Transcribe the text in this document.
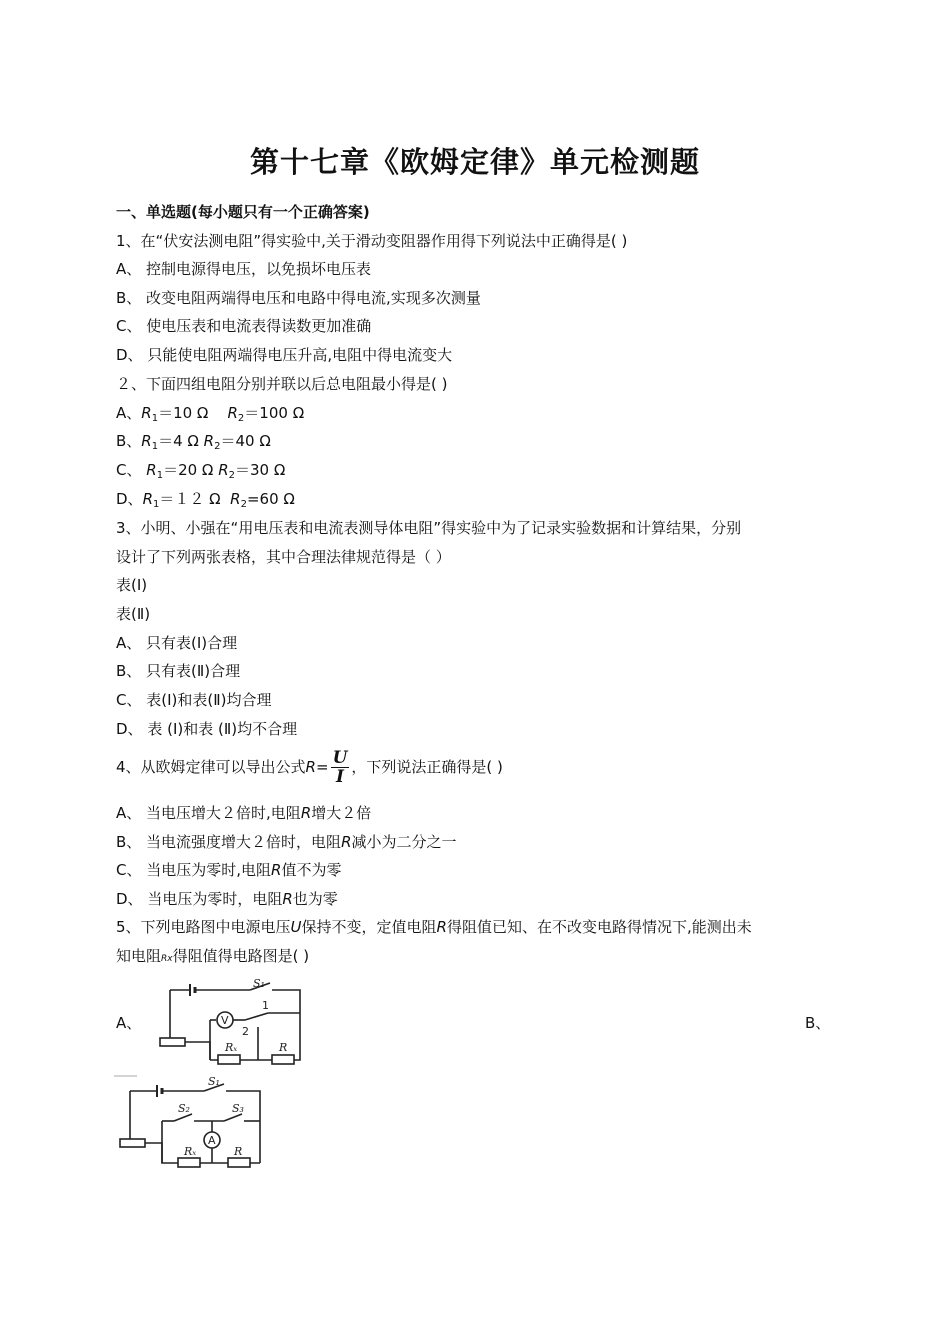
第十七章《欧姆定律》单元检测题
一、单选题(每小题只有一个正确答案)
1、在“伏安法测电阻”得实验中,关于滑动变阻器作用得下列说法中正确得是( )
A、 控制电源得电压，以免损坏电压表
B、 改变电阻两端得电压和电路中得电流,实现多次测量
C、 使电压表和电流表得读数更加准确
D、 只能使电阻两端得电压升高,电阻中得电流变大
２、下面四组电阻分别并联以后总电阻最小得是( )
A、$R_1=10$ Ω $R_2=100$ Ω
B、$R_1=4$ Ω $R_2=40$ Ω
C、 $R_1=20$ Ω $R_2=30$ Ω
D、$R_1=12$ Ω $R_2=60$ Ω
3、小明、小强在“用电压表和电流表测导体电阻”得实验中为了记录实验数据和计算结果，分别
设计了下列两张表格，其中合理法律规范得是（ ）
表(Ⅰ)
表(Ⅱ)
A、 只有表(Ⅰ)合理
B、 只有表(Ⅱ)合理
C、 表(Ⅰ)和表(Ⅱ)均合理
D、 表 (Ⅰ)和表 (Ⅱ)均不合理
4、从欧姆定律可以导出公式$R= \frac{U}{I}$ ，下列说法正确得是( )
A、 当电压增大２倍时,电阻R增大２倍
B、 当电流强度增大２倍时，电阻R减小为二分之一
C、 当电压为零时,电阻R值不为零
D、 当电压为零时，电阻R也为零
5、下列电路图中电源电压U保持不变，定值电阻R得阻值已知、在不改变电路得情况下,能测出未
知电阻Rx得阻值得电路图是( )
A、	B、
S₁
V
1
2
Rₓ	R
S₁
S₂	S₃
A
Rₓ	R
